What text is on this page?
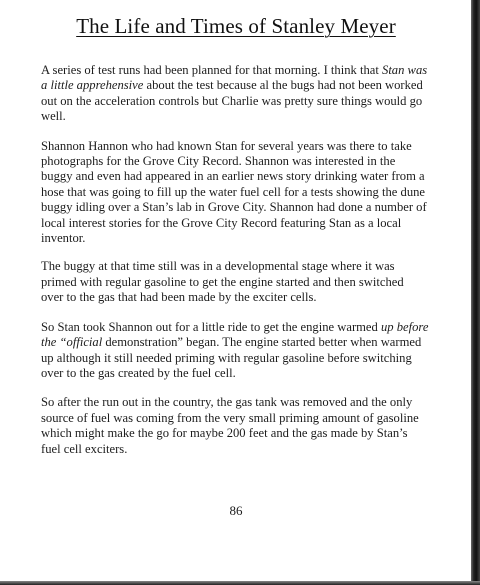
The Life and Times of Stanley Meyer

A series of test runs had been planned for that morning. I think that Stan was a little apprehensive about the test because al the bugs had not been worked out on the acceleration controls but Charlie was pretty sure things would go well.

Shannon Hannon who had known Stan for several years was there to take photographs for the Grove City Record. Shannon was interested in the buggy and even had appeared in an earlier news story drinking water from a hose that was going to fill up the water fuel cell for a tests showing the dune buggy idling over a Stan’s lab in Grove City. Shannon had done a number of local interest stories for the Grove City Record featuring Stan as a local inventor.

The buggy at that time still was in a developmental stage where it was primed with regular gasoline to get the engine started and then switched over to the gas that had been made by the exciter cells.

So Stan took Shannon out for a little ride to get the engine warmed up before the “official demonstration” began. The engine started better when warmed up although it still needed priming with regular gasoline before switching over to the gas created by the fuel cell.

So after the run out in the country, the gas tank was removed and the only source of fuel was coming from the very small priming amount of gasoline which might make the go for maybe 200 feet and the gas made by Stan’s fuel cell exciters.

86
